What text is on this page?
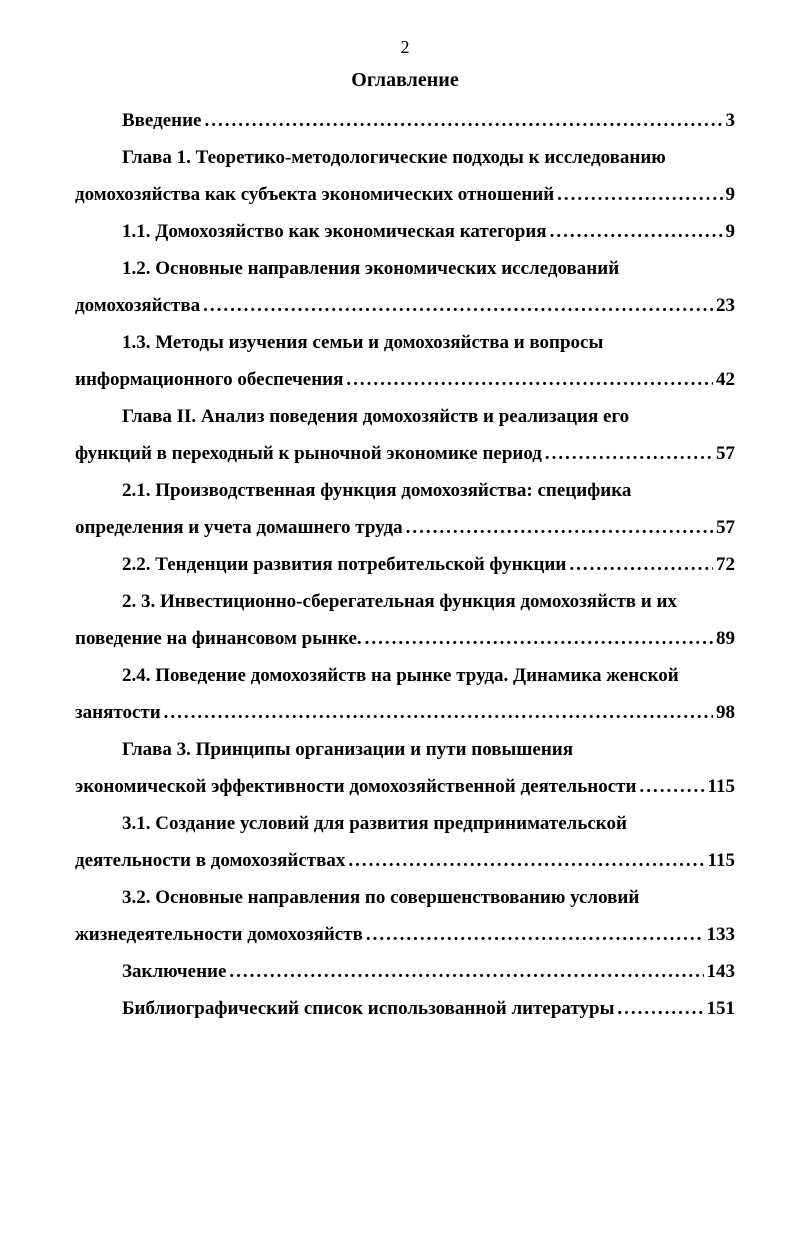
2
Оглавление
Введение .....	3
Глава 1. Теоретико-методологические подходы к исследованию
домохозяйства как субъекта экономических отношений .....	9
1.1. Домохозяйство как экономическая категория .....	9
1.2. Основные направления экономических исследований
домохозяйства .....	23
1.3. Методы изучения семьи и домохозяйства и вопросы
информационного обеспечения .....	42
Глава II. Анализ поведения домохозяйств и реализация его
функций в переходный к рыночной экономике период .....	57
2.1. Производственная функция домохозяйства: специфика
определения и учета домашнего труда .....	57
2.2. Тенденции развития потребительской функции .....	72
2. 3. Инвестиционно-сберегательная функция домохозяйств и их
поведение на финансовом рынке. .....	89
2.4. Поведение домохозяйств на рынке труда. Динамика женской
занятости .....	98
Глава 3. Принципы организации и пути повышения
экономической эффективности домохозяйственной деятельности .....	115
3.1. Создание условий для развития предпринимательской
деятельности в домохозяйствах .....	115
3.2. Основные направления по совершенствованию условий
жизнедеятельности домохозяйств .....	133
Заключение .....	143
Библиографический список использованной литературы .....	151
